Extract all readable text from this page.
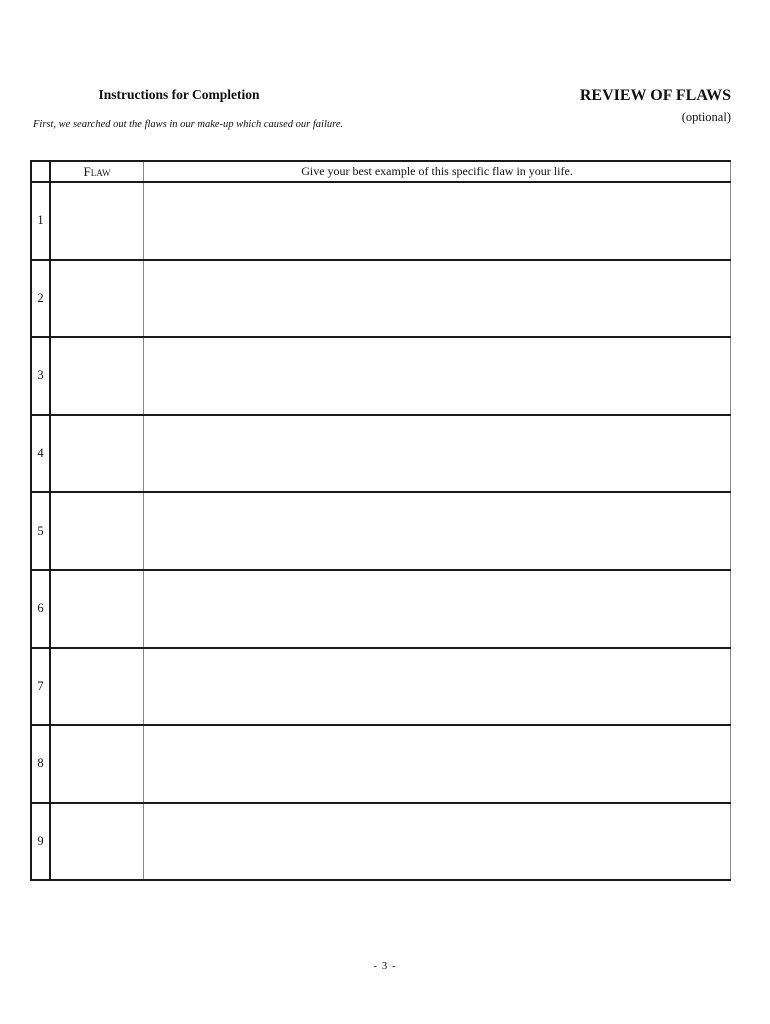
Instructions for Completion
First, we searched out the flaws in our make-up which caused our failure.
REVIEW OF FLAWS
(optional)
	Flaw	Give your best example of this specific flaw in your life.
1		
2		
3		
4		
5		
6		
7		
8		
9		
- 3 -
